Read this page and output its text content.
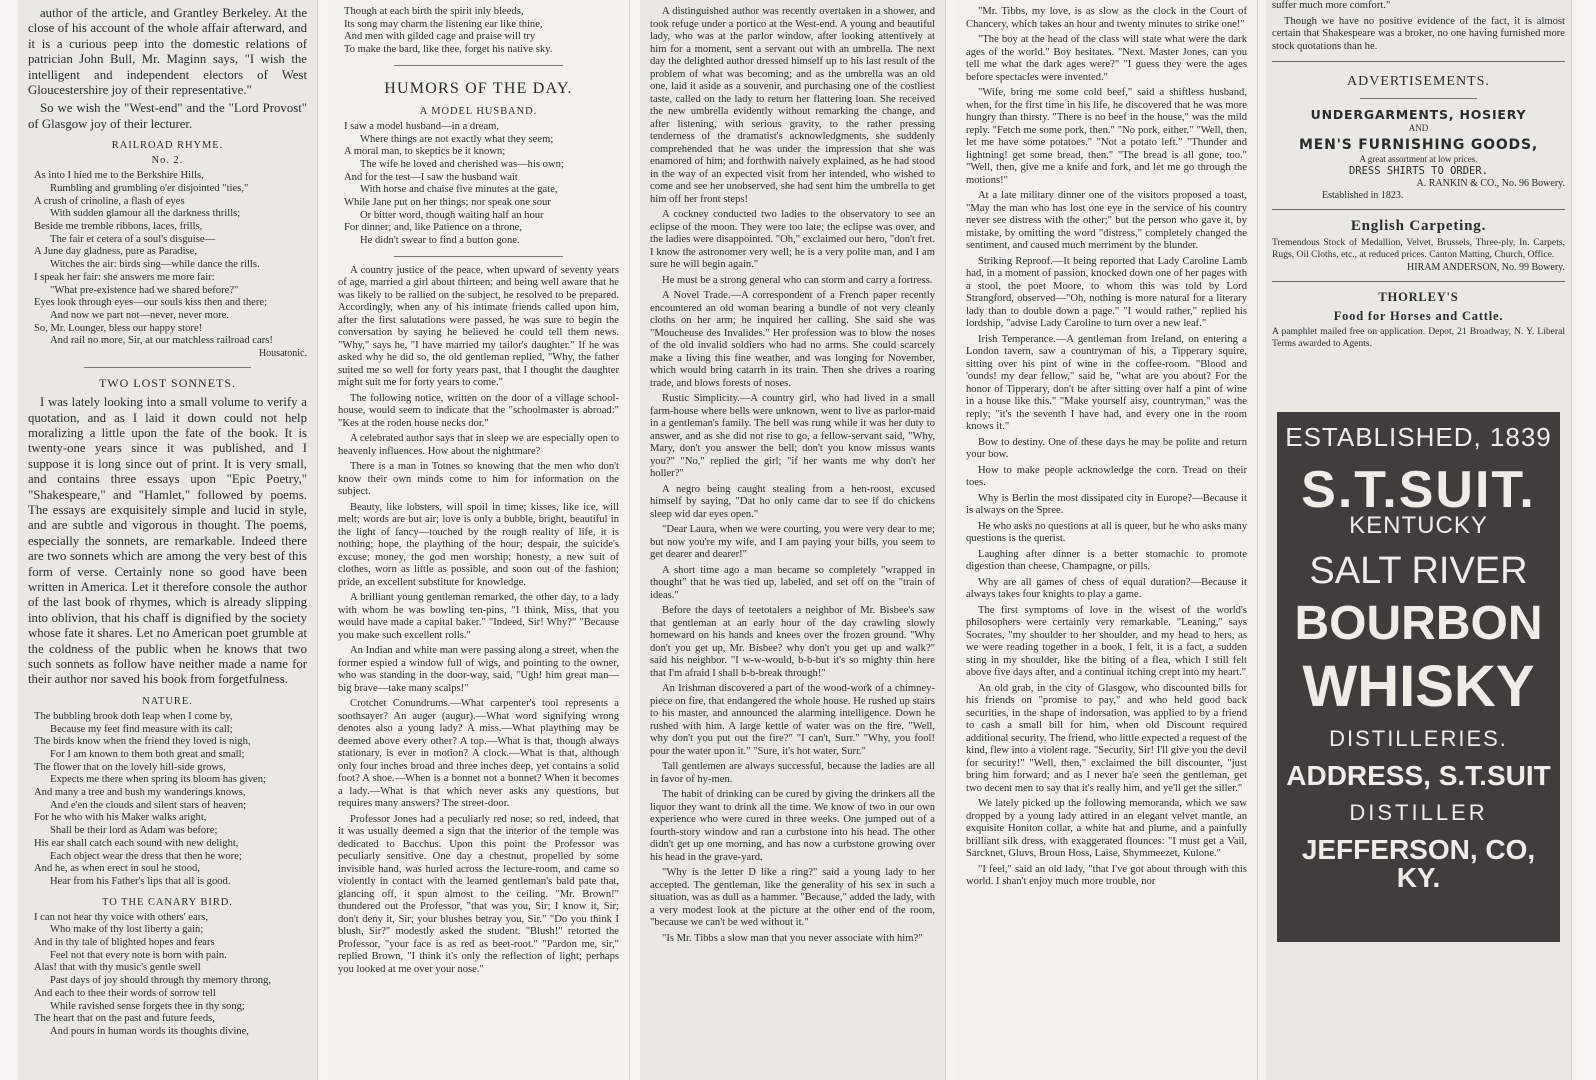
author of the article, and Grantley Berkeley. At the close of his account of the whole affair afterward, and it is a curious peep into the domestic relations of patrician John Bull, Mr. Maginn says, "I wish the intelligent and independent electors of West Gloucestershire joy of their representative."

So we wish the "West-end" and the "Lord Provost" of Glasgow joy of their lecturer.

RAILROAD RHYME.
No. 2.
As into I hied me to the Berkshire Hills,
Rumbling and grumbling o'er disjointed "ties,"
A crush of crinoline, a flash of eyes
With sudden glamour all the darkness thrills;
Beside me tremble ribbons, laces, frills,
The fair et cetera of a soul's disguise—
A June day gladness, pure as Paradise,
Witches the air: birds sing—while dance the rills.
I speak her fair: she answers me more fair:
"What pre-existence had we shared before?"
Eyes look through eyes—our souls kiss then and there;
And now we part not—never, never more.
So, Mr. Lounger, bless our happy store!
And rail no more, Sir, at our matchless railroad cars!
Housatonic.
TWO LOST SONNETS.

I was lately looking into a small volume to verify a quotation, and as I laid it down could not help moralizing a little upon the fate of the book. It is twenty-one years since it was published, and I suppose it is long since out of print. It is very small, and contains three essays upon "Epic Poetry," "Shakespeare," and "Hamlet," followed by poems. The essays are exquisitely simple and lucid in style, and are subtle and vigorous in thought. The poems, especially the sonnets, are remarkable. Indeed there are two sonnets which are among the very best of this form of verse. Certainly none so good have been written in America. Let it therefore console the author of the last book of rhymes, which is already slipping into oblivion, that his chaff is dignified by the society whose fate it shares. Let no American poet grumble at the coldness of the public when he knows that two such sonnets as follow have neither made a name for their author nor saved his book from forgetfulness.

NATURE.
The bubbling brook doth leap when I come by,
Because my feet find measure with its call;
The birds know when the friend they loved is nigh,
For I am known to them both great and small;
The flower that on the lovely hill-side grows,
Expects me there when spring its bloom has given;
And many a tree and bush my wanderings knows,
And e'en the clouds and silent stars of heaven;
For he who with his Maker walks aright,
Shall be their lord as Adam was before;
His ear shall catch each sound with new delight,
Each object wear the dress that then he wore;
And he, as when erect in soul he stood,
Hear from his Father's lips that all is good.
TO THE CANARY BIRD.
I can not hear thy voice with others' ears,
Who make of thy lost liberty a gain;
And in thy tale of blighted hopes and fears
Feel not that every note is born with pain.
Alas! that with thy music's gentle swell
Past days of joy should through thy memory throng,
And each to thee their words of sorrow tell
While ravished sense forgets thee in thy song;
The heart that on the past and future feeds,
And pours in human words its thoughts divine,
Though at each birth the spirit inly bleeds,
Its song may charm the listening ear like thine,
And men with gilded cage and praise will try
To make the bard, like thee, forget his native sky.
HUMORS OF THE DAY.
A MODEL HUSBAND.
I saw a model husband—in a dream,
Where things are not exactly what they seem;
A moral man, to skeptics be it known;
The wife he loved and cherished was—his own;
And for the test—I saw the husband wait
With horse and chaise five minutes at the gate,
While Jane put on her things; nor speak one sour
Or bitter word, though waiting half an hour
For dinner; and, like Patience on a throne,
He didn't swear to find a button gone.

A country justice of the peace, when upward of seventy years of age, married a girl about thirteen; and being well aware that he was likely to be rallied on the subject, he resolved to be prepared. Accordingly, when any of his intimate friends called upon him, after the first salutations were passed, he was sure to begin the conversation by saying he believed he could tell them news. "Why," says he, "I have married my tailor's daughter." If he was asked why he did so, the old gentleman replied, "Why, the father suited me so well for forty years past, that I thought the daughter might suit me for forty years to come."

The following notice, written on the door of a village school-house, would seem to indicate that the "schoolmaster is abroad:" "Kes at the roden house necks dor."

A celebrated author says that in sleep we are especially open to heavenly influences. How about the nightmare?

There is a man in Totnes so knowing that the men who don't know their own minds come to him for information on the subject.

Beauty, like lobsters, will spoil in time; kisses, like ice, will melt; words are but air; love is only a bubble, bright, beautiful in the light of fancy—touched by the rough reality of life, it is nothing; hope, the plaything of the hour; despair, the suicide's excuse; money, the god men worship; honesty, a new suit of clothes, worn as little as possible, and soon out of the fashion; pride, an excellent substitute for knowledge.

A brilliant young gentleman remarked, the other day, to a lady with whom he was bowling ten-pins, "I think, Miss, that you would have made a capital baker." "Indeed, Sir! Why?" "Because you make such excellent rolls."

An Indian and white man were passing along a street, when the former espied a window full of wigs, and pointing to the owner, who was standing in the door-way, said, "Ugh! him great man—big brave—take many scalps!"

Crotchet Conundrums.—What carpenter's tool represents a soothsayer? An auger (augur).—What word signifying wrong denotes also a young lady? A miss.—What plaything may be deemed above every other? A top.—What is that, though always stationary, is ever in motion? A clock.—What is that, although only four inches broad and three inches deep, yet contains a solid foot? A shoe.—When is a bonnet not a bonnet? When it becomes a lady.—What is that which never asks any questions, but requires many answers? The street-door.

Professor Jones had a peculiarly red nose; so red, indeed, that it was usually deemed a sign that the interior of the temple was dedicated to Bacchus. Upon this point the Professor was peculiarly sensitive. One day a chestnut, propelled by some invisible hand, was hurled across the lecture-room, and came so violently in contact with the learned gentleman's bald pate that, glancing off, it spun almost to the ceiling. "Mr. Brown!" thundered out the Professor, "that was you, Sir; I know it, Sir; don't deny it, Sir; your blushes betray you, Sir." "Do you think I blush, Sir?" modestly asked the student. "Blush!" retorted the Professor, "your face is as red as beet-root." "Pardon me, sir," replied Brown, "I think it's only the reflection of light; perhaps you looked at me over your nose."

A distinguished author was recently overtaken in a shower, and took refuge under a portico at the West-end. A young and beautiful lady, who was at the parlor window, after looking attentively at him for a moment, sent a servant out with an umbrella. The next day the delighted author dressed himself up to his last result of the problem of what was becoming; and as the umbrella was an old one, laid it aside as a souvenir, and purchasing one of the costliest taste, called on the lady to return her flattering loan. She received the new umbrella evidently without remarking the change, and after listening, with serious gravity, to the rather pressing tenderness of the dramatist's acknowledgments, she suddenly comprehended that he was under the impression that she was enamored of him; and forthwith naively explained, as he had stood in the way of an expected visit from her intended, who wished to come and see her unobserved, she had sent him the umbrella to get him off her front steps!

A cockney conducted two ladies to the observatory to see an eclipse of the moon. They were too late; the eclipse was over, and the ladies were disappointed. "Oh," exclaimed our hero, "don't fret. I know the astronomer very well; he is a very polite man, and I am sure he will begin again."

He must be a strong general who can storm and carry a fortress.

A Novel Trade.—A correspondent of a French paper recently encountered an old woman bearing a bundle of not very cleanly cloths on her arm; he inquired her calling. She said she was "Moucheuse des Invalides." Her profession was to blow the noses of the old invalid soldiers who had no arms. She could scarcely make a living this fine weather, and was longing for November, which would bring catarrh in its train. Then she drives a roaring trade, and blows forests of noses.

Rustic Simplicity.—A country girl, who had lived in a small farm-house where bells were unknown, went to live as parlor-maid in a gentleman's family. The bell was rung while it was her duty to answer, and as she did not rise to go, a fellow-servant said, "Why, Mary, don't you answer the bell; don't you know missus wants you?" "No," replied the girl; "if her wants me why don't her holler?"

A negro being caught stealing from a hen-roost, excused himself by saying, "Dat ho only came dar to see if do chickens sleep wid dar eyes open."

"Dear Laura, when we were courting, you were very dear to me; but now you're my wife, and I am paying your bills, you seem to get dearer and dearer!"

A short time ago a man became so completely "wrapped in thought" that he was tied up, labeled, and set off on the "train of ideas."

Before the days of teetotalers a neighbor of Mr. Bisbee's saw that gentleman at an early hour of the day crawling slowly homeward on his hands and knees over the frozen ground. "Why don't you get up, Mr. Bisbee? why don't you get up and walk?" said his neighbor. "I w-w-would, b-b-but it's so mighty thin here that I'm afraid I shall b-b-break through!"

An Irishman discovered a part of the wood-work of a chimney-piece on fire, that endangered the whole house. He rushed up stairs to his master, and announced the alarming intelligence. Down he rushed with him. A large kettle of water was on the fire. "Well, why don't you put out the fire?" "I can't, Surr." "Why, you fool! pour the water upon it." "Sure, it's hot water, Surr."

Tall gentlemen are always successful, because the ladies are all in favor of hy-men.

The habit of drinking can be cured by giving the drinkers all the liquor they want to drink all the time. We know of two in our own experience who were cured in three weeks. One jumped out of a fourth-story window and ran a curbstone into his head. The other didn't get up one morning, and has now a curbstone growing over his head in the grave-yard.

"Why is the letter D like a ring?" said a young lady to her accepted. The gentleman, like the generality of his sex in such a situation, was as dull as a hammer. "Because," added the lady, with a very modest look at the picture at the other end of the room, "because we can't be wed without it."

"Is Mr. Tibbs a slow man that you never associate with him?"

"Mr. Tibbs, my love, is as slow as the clock in the Court of Chancery, which takes an hour and twenty minutes to strike one!"

"The boy at the head of the class will state what were the dark ages of the world." Boy hesitates. "Next. Master Jones, can you tell me what the dark ages were?" "I guess they were the ages before spectacles were invented."

"Wife, bring me some cold beef," said a shiftless husband, when, for the first time in his life, he discovered that he was more hungry than thirsty. "There is no beef in the house," was the mild reply. "Fetch me some pork, then." "No pork, either." "Well, then, let me have some potatoes." "Not a potato left." "Thunder and lightning! get some bread, then." "The bread is all gone, too." "Well, then, give me a knife and fork, and let me go through the motions!"

At a late military dinner one of the visitors proposed a toast, "May the man who has lost one eye in the service of his country never see distress with the other;" but the person who gave it, by mistake, by omitting the word "distress," completely changed the sentiment, and caused much merriment by the blunder.

Striking Reproof.—It being reported that Lady Caroline Lamb had, in a moment of passion, knocked down one of her pages with a stool, the poet Moore, to whom this was told by Lord Strangford, observed—"Oh, nothing is more natural for a literary lady than to double down a page." "I would rather," replied his lordship, "advise Lady Caroline to turn over a new leaf."

Irish Temperance.—A gentleman from Ireland, on entering a London tavern, saw a countryman of his, a Tipperary squire, sitting over his pint of wine in the coffee-room. "Blood and 'ounds! my dear fellow," said he, "what are you about? For the honor of Tipperary, don't be after sitting over half a pint of wine in a house like this." "Make yourself aisy, countryman," was the reply; "it's the seventh I have had, and every one in the room knows it."

Bow to destiny. One of these days he may be polite and return your bow.

How to make people acknowledge the corn. Tread on their toes.

Why is Berlin the most dissipated city in Europe?—Because it is always on the Spree.

He who asks no questions at all is queer, but he who asks many questions is the querist.

Laughing after dinner is a better stomachic to promote digestion than cheese, Champagne, or pills.

Why are all games of chess of equal duration?—Because it always takes four knights to play a game.

The first symptoms of love in the wisest of the world's philosophers were certainly very remarkable. "Leaning," says Socrates, "my shoulder to her shoulder, and my head to hers, as we were reading together in a book, I felt, it is a fact, a sudden sting in my shoulder, like the biting of a flea, which I still felt above five days after, and a continual itching crept into my heart."

An old grab, in the city of Glasgow, who discounted bills for his friends on "promise to pay," and who held good back securities, in the shape of indorsation, was applied to by a friend to cash a small bill for him, when old Discount required additional security. The friend, who little expected a request of the kind, flew into a violent rage. "Security, Sir! I'll give you the devil for security!" "Well, then," exclaimed the bill discounter, "just bring him forward; and as I never ha'e seen the gentleman, get two decent men to say that it's really him, and ye'll get the siller."

We lately picked up the following memoranda, which we saw dropped by a young lady attired in an elegant velvet mantle, an exquisite Honiton collar, a white hat and plume, and a painfully brilliant silk dress, with exaggerated flounces: "I must get a Vail, Sarcknet, Gluvs, Broun Hoss, Laise, Shymmeezet, Kulone."

"I feel," said an old lady, "that I've got about through with this world. I shan't enjoy much more trouble, nor

suffer much more comfort."

Though we have no positive evidence of the fact, it is almost certain that Shakespeare was a broker, no one having furnished more stock quotations than he.

ADVERTISEMENTS.
UNDERGARMENTS, HOSIERY
AND
MEN'S FURNISHING GOODS,
A great assortment at low prices.
DRESS SHIRTS TO ORDER.
A. RANKIN & CO., No. 96 Bowery.
Established in 1823.
English Carpeting.

Tremendous Stock of Medallion, Velvet, Brussels, Three-ply, In. Carpets, Rugs, Oil Cloths, etc., at reduced prices. Canton Matting, Church, Office.

HIRAM ANDERSON, No. 99 Bowery.
THORLEY'S
Food for Horses and Cattle.

A pamphlet mailed free on application. Depot, 21 Broadway, N. Y. Liberal Terms awarded to Agents.

ESTABLISHED, 1839
S.T.SUIT.
KENTUCKY
SALT RIVER
BOURBON
WHISKY
DISTILLERIES.
ADDRESS, S.T.SUIT
DISTILLER
JEFFERSON, CO, KY.
